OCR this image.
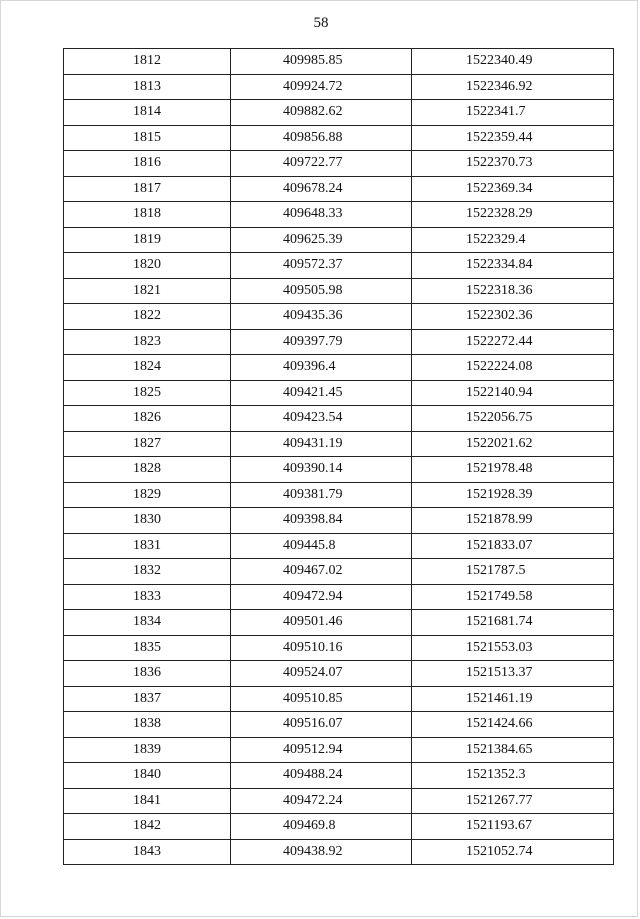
58
1812	409985.85	1522340.49
1813	409924.72	1522346.92
1814	409882.62	1522341.7
1815	409856.88	1522359.44
1816	409722.77	1522370.73
1817	409678.24	1522369.34
1818	409648.33	1522328.29
1819	409625.39	1522329.4
1820	409572.37	1522334.84
1821	409505.98	1522318.36
1822	409435.36	1522302.36
1823	409397.79	1522272.44
1824	409396.4	1522224.08
1825	409421.45	1522140.94
1826	409423.54	1522056.75
1827	409431.19	1522021.62
1828	409390.14	1521978.48
1829	409381.79	1521928.39
1830	409398.84	1521878.99
1831	409445.8	1521833.07
1832	409467.02	1521787.5
1833	409472.94	1521749.58
1834	409501.46	1521681.74
1835	409510.16	1521553.03
1836	409524.07	1521513.37
1837	409510.85	1521461.19
1838	409516.07	1521424.66
1839	409512.94	1521384.65
1840	409488.24	1521352.3
1841	409472.24	1521267.77
1842	409469.8	1521193.67
1843	409438.92	1521052.74
